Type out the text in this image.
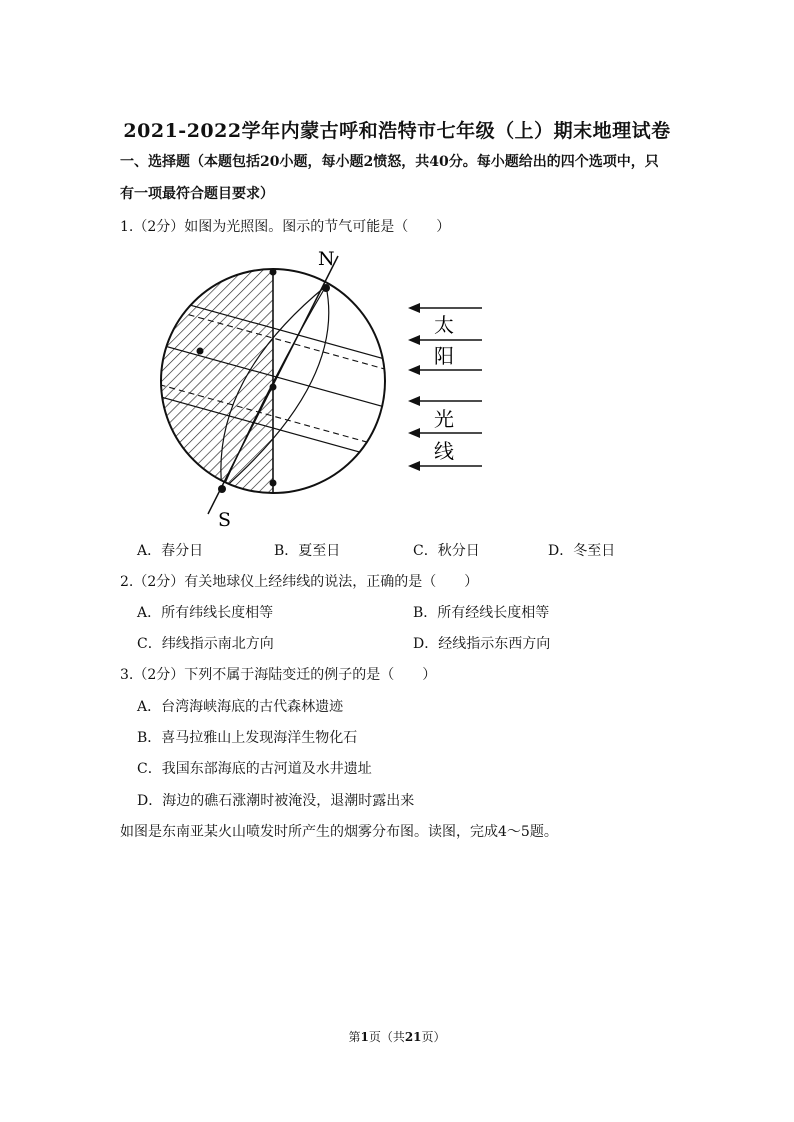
2021-2022学年内蒙古呼和浩特市七年级（上）期末地理试卷
一、选择题（本题包括20小题，每小题2愤怒，共40分。每小题给出的四个选项中，只
有一项最符合题目要求）
1.（2分）如图为光照图。图示的节气可能是（　　）
N
S
太
阳
光
线
A．春分日	B．夏至日	C．秋分日	D．冬至日
2.（2分）有关地球仪上经纬线的说法，正确的是（　　）
A．所有纬线长度相等	B．所有经线长度相等
C．纬线指示南北方向	D．经线指示东西方向
3.（2分）下列不属于海陆变迁的例子的是（　　）
A．台湾海峡海底的古代森林遗迹
B．喜马拉雅山上发现海洋生物化石
C．我国东部海底的古河道及水井遗址
D．海边的礁石涨潮时被淹没，退潮时露出来
如图是东南亚某火山喷发时所产生的烟雾分布图。读图，完成4～5题。
第1页（共21页）
